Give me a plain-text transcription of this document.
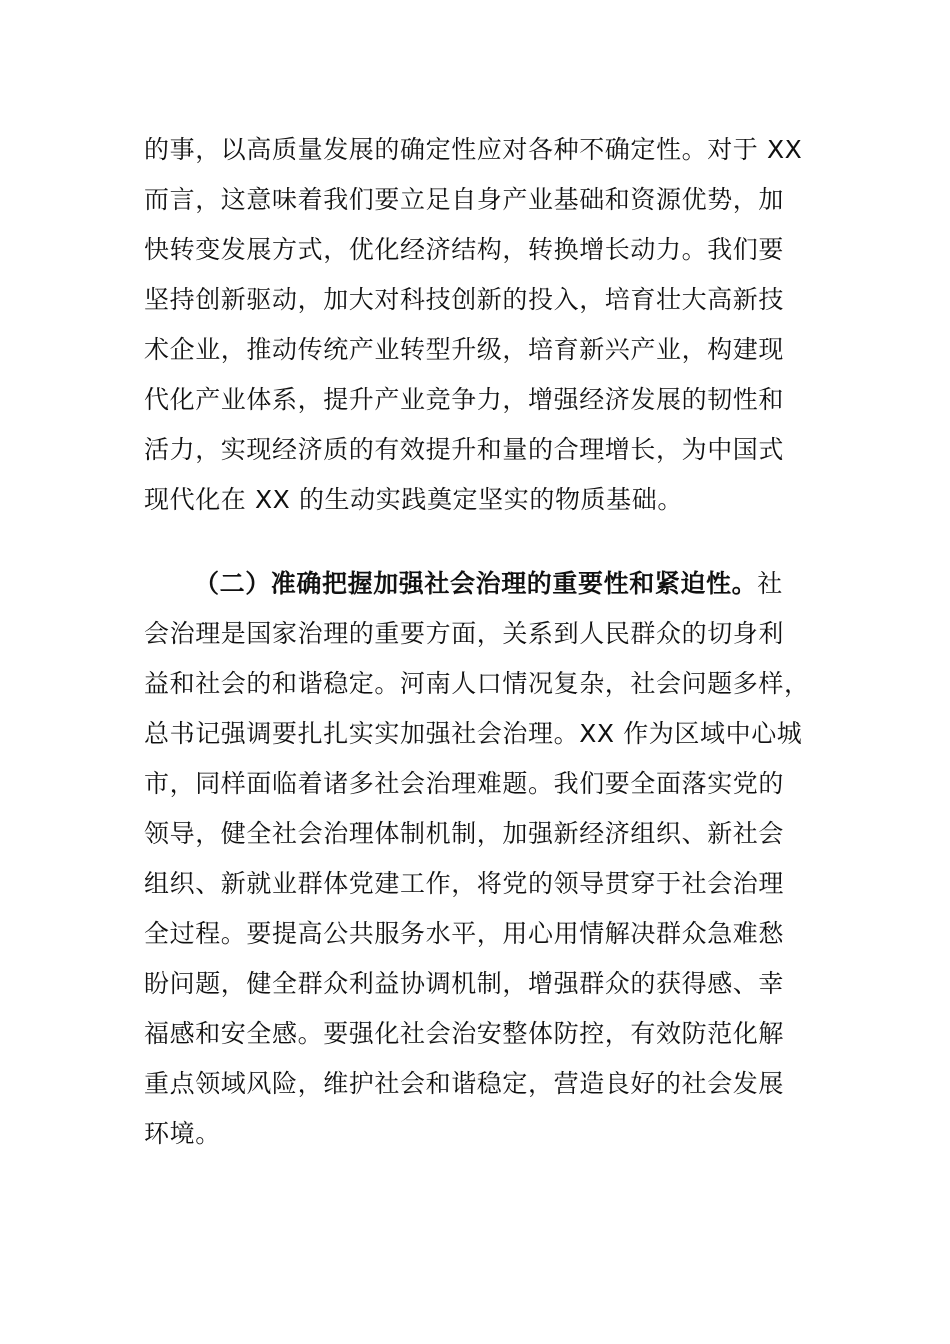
的事，以高质量发展的确定性应对各种不确定性。对于 XX
而言，这意味着我们要立足自身产业基础和资源优势，加
快转变发展方式，优化经济结构，转换增长动力。我们要
坚持创新驱动，加大对科技创新的投入，培育壮大高新技
术企业，推动传统产业转型升级，培育新兴产业，构建现
代化产业体系，提升产业竞争力，增强经济发展的韧性和
活力，实现经济质的有效提升和量的合理增长，为中国式
现代化在 XX 的生动实践奠定坚实的物质基础。
（二）准确把握加强社会治理的重要性和紧迫性。社
会治理是国家治理的重要方面，关系到人民群众的切身利
益和社会的和谐稳定。河南人口情况复杂，社会问题多样，
总书记强调要扎扎实实加强社会治理。XX 作为区域中心城
市，同样面临着诸多社会治理难题。我们要全面落实党的
领导，健全社会治理体制机制，加强新经济组织、新社会
组织、新就业群体党建工作，将党的领导贯穿于社会治理
全过程。要提高公共服务水平，用心用情解决群众急难愁
盼问题，健全群众利益协调机制，增强群众的获得感、幸
福感和安全感。要强化社会治安整体防控，有效防范化解
重点领域风险，维护社会和谐稳定，营造良好的社会发展
环境。
